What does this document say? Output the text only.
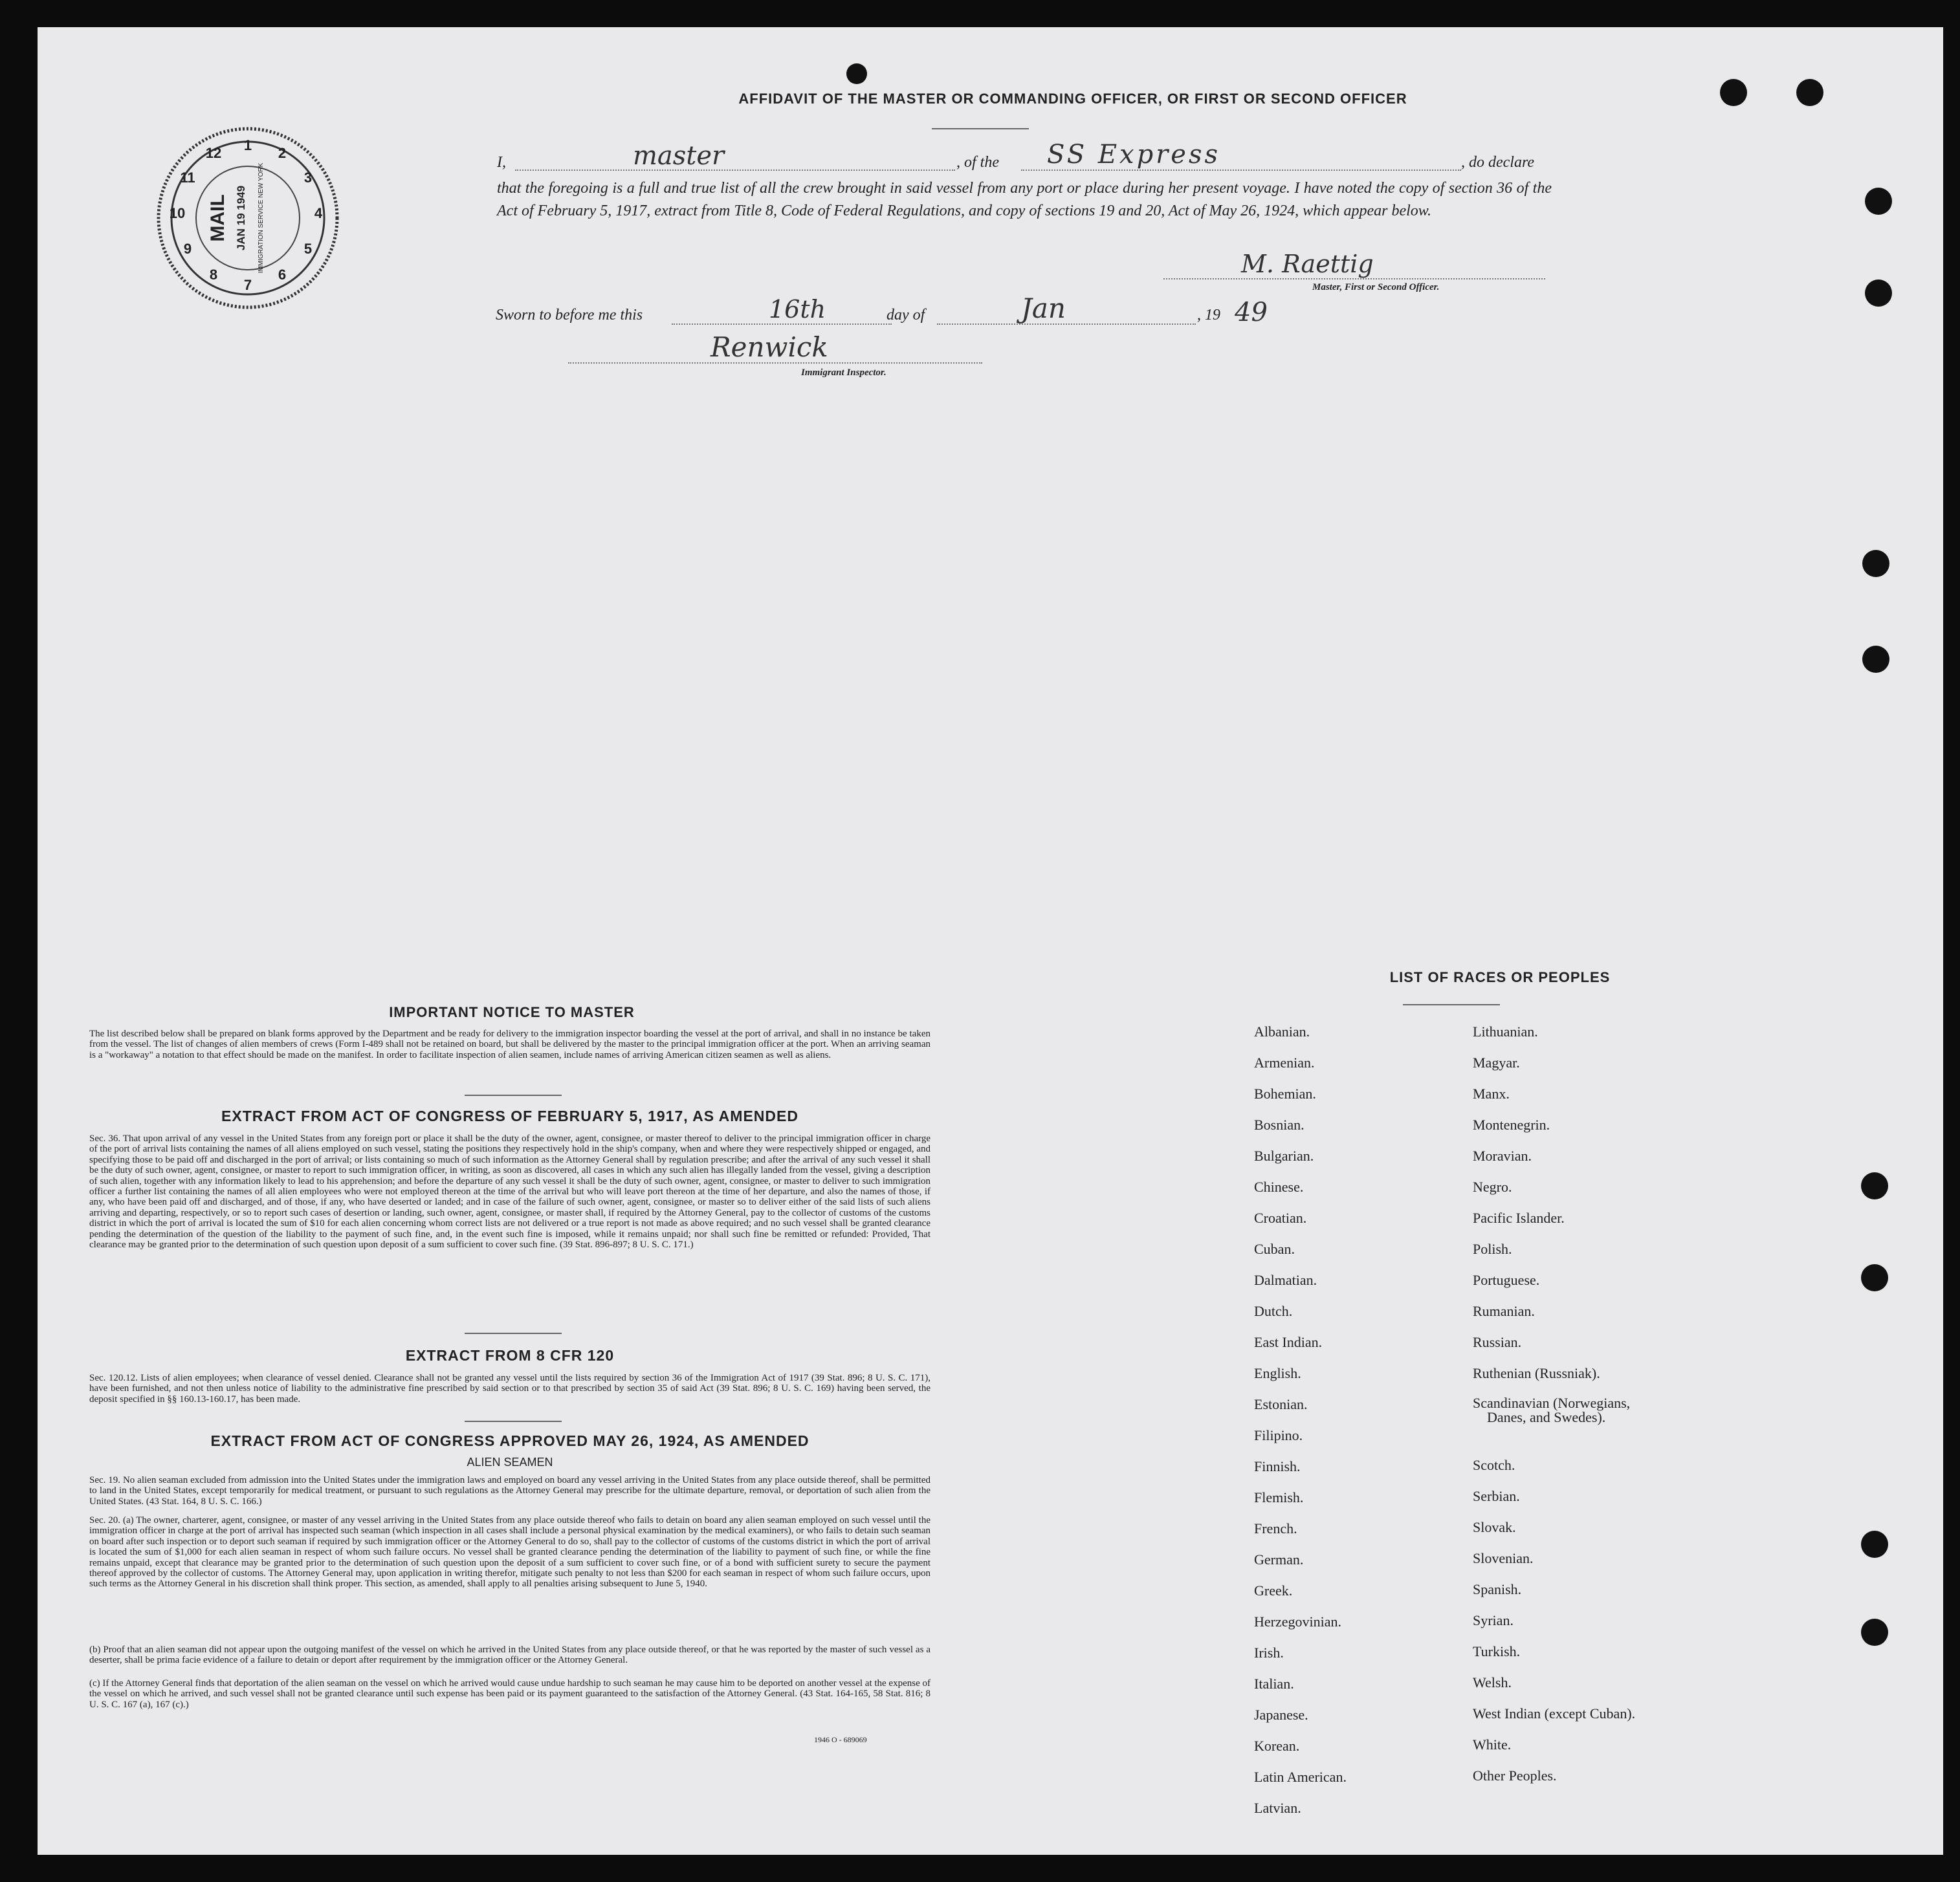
AFFIDAVIT OF THE MASTER OR COMMANDING OFFICER, OR FIRST OR SECOND OFFICER
1 2
3
4
5
6
7
8
9
10
11
12
MAIL JAN 19 1949 IMMIGRATION SERVICE NEW YORK
I,	master	, of the SS Express	, do declare
that the foregoing is a full and true list of all the crew brought in said vessel from any port or place during her present voyage. I have noted the copy of section 36 of the Act of February 5, 1917, extract from Title 8, Code of Federal Regulations, and copy of sections 19 and 20, Act of May 26, 1924, which appear below.
M. Raettig
Master, First or Second Officer.
Sworn to before me this	16th	day of	Jan	, 19 49
Renwick
Immigrant Inspector.
IMPORTANT NOTICE TO MASTER
The list described below shall be prepared on blank forms approved by the Department and be ready for delivery to the immigration inspector boarding the vessel at the port of arrival, and shall in no instance be taken from the vessel. The list of changes of alien members of crews (Form I-489 shall not be retained on board, but shall be delivered by the master to the principal immigration officer at the port. When an arriving seaman is a "workaway" a notation to that effect should be made on the manifest. In order to facilitate inspection of alien seamen, include names of arriving American citizen seamen as well as aliens.
EXTRACT FROM ACT OF CONGRESS OF FEBRUARY 5, 1917, AS AMENDED
Sec. 36. That upon arrival of any vessel in the United States from any foreign port or place it shall be the duty of the owner, agent, consignee, or master thereof to deliver to the principal immigration officer in charge of the port of arrival lists containing the names of all aliens employed on such vessel, stating the positions they respectively hold in the ship's company, when and where they were respectively shipped or engaged, and specifying those to be paid off and discharged in the port of arrival; or lists containing so much of such information as the Attorney General shall by regulation prescribe; and after the arrival of any such vessel it shall be the duty of such owner, agent, consignee, or master to report to such immigration officer, in writing, as soon as discovered, all cases in which any such alien has illegally landed from the vessel, giving a description of such alien, together with any information likely to lead to his apprehension; and before the departure of any such vessel it shall be the duty of such owner, agent, consignee, or master to deliver to such immigration officer a further list containing the names of all alien employees who were not employed thereon at the time of the arrival but who will leave port thereon at the time of her departure, and also the names of those, if any, who have been paid off and discharged, and of those, if any, who have deserted or landed; and in case of the failure of such owner, agent, consignee, or master so to deliver either of the said lists of such aliens arriving and departing, respectively, or so to report such cases of desertion or landing, such owner, agent, consignee, or master shall, if required by the Attorney General, pay to the collector of customs of the customs district in which the port of arrival is located the sum of $10 for each alien concerning whom correct lists are not delivered or a true report is not made as above required; and no such vessel shall be granted clearance pending the determination of the question of the liability to the payment of such fine, and, in the event such fine is imposed, while it remains unpaid; nor shall such fine be remitted or refunded: Provided, That clearance may be granted prior to the determination of such question upon deposit of a sum sufficient to cover such fine. (39 Stat. 896-897; 8 U. S. C. 171.)
EXTRACT FROM 8 CFR 120
Sec. 120.12. Lists of alien employees; when clearance of vessel denied. Clearance shall not be granted any vessel until the lists required by section 36 of the Immigration Act of 1917 (39 Stat. 896; 8 U. S. C. 171), have been furnished, and not then unless notice of liability to the administrative fine prescribed by said section or to that prescribed by section 35 of said Act (39 Stat. 896; 8 U. S. C. 169) having been served, the deposit specified in §§ 160.13-160.17, has been made.
EXTRACT FROM ACT OF CONGRESS APPROVED MAY 26, 1924, AS AMENDED
ALIEN SEAMEN
Sec. 19. No alien seaman excluded from admission into the United States under the immigration laws and employed on board any vessel arriving in the United States from any place outside thereof, shall be permitted to land in the United States, except temporarily for medical treatment, or pursuant to such regulations as the Attorney General may prescribe for the ultimate departure, removal, or deportation of such alien from the United States. (43 Stat. 164, 8 U. S. C. 166.)
Sec. 20. (a) The owner, charterer, agent, consignee, or master of any vessel arriving in the United States from any place outside thereof who fails to detain on board any alien seaman employed on such vessel until the immigration officer in charge at the port of arrival has inspected such seaman (which inspection in all cases shall include a personal physical examination by the medical examiners), or who fails to detain such seaman on board after such inspection or to deport such seaman if required by such immigration officer or the Attorney General to do so, shall pay to the collector of customs of the customs district in which the port of arrival is located the sum of $1,000 for each alien seaman in respect of whom such failure occurs. No vessel shall be granted clearance pending the determination of the liability to payment of such fine, or while the fine remains unpaid, except that clearance may be granted prior to the determination of such question upon the deposit of a sum sufficient to cover such fine, or of a bond with sufficient surety to secure the payment thereof approved by the collector of customs. The Attorney General may, upon application in writing therefor, mitigate such penalty to not less than $200 for each seaman in respect of whom such failure occurs, upon such terms as the Attorney General in his discretion shall think proper. This section, as amended, shall apply to all penalties arising subsequent to June 5, 1940.
(b) Proof that an alien seaman did not appear upon the outgoing manifest of the vessel on which he arrived in the United States from any place outside thereof, or that he was reported by the master of such vessel as a deserter, shall be prima facie evidence of a failure to detain or deport after requirement by the immigration officer or the Attorney General.
(c) If the Attorney General finds that deportation of the alien seaman on the vessel on which he arrived would cause undue hardship to such seaman he may cause him to be deported on another vessel at the expense of the vessel on which he arrived, and such vessel shall not be granted clearance until such expense has been paid or its payment guaranteed to the satisfaction of the Attorney General. (43 Stat. 164-165, 58 Stat. 816; 8 U. S. C. 167 (a), 167 (c).)
1946 O - 689069
LIST OF RACES OR PEOPLES
Albanian.
Armenian.
Bohemian.
Bosnian.
Bulgarian.
Chinese.
Croatian.
Cuban.
Dalmatian.
Dutch.
East Indian.
English.
Estonian.
Filipino.
Finnish.
Flemish.
French.
German.
Greek.
Herzegovinian.
Irish.
Italian.
Japanese.
Korean.
Latin American.
Latvian.
Lithuanian.
Magyar.
Manx.
Montenegrin.
Moravian.
Negro.
Pacific Islander.
Polish.
Portuguese.
Rumanian.
Russian.
Ruthenian (Russniak).
Scandinavian (Norwegians,
Danes, and Swedes).
Scotch.
Serbian.
Slovak.
Slovenian.
Spanish.
Syrian.
Turkish.
Welsh.
West Indian (except Cuban).
White.
Other Peoples.
